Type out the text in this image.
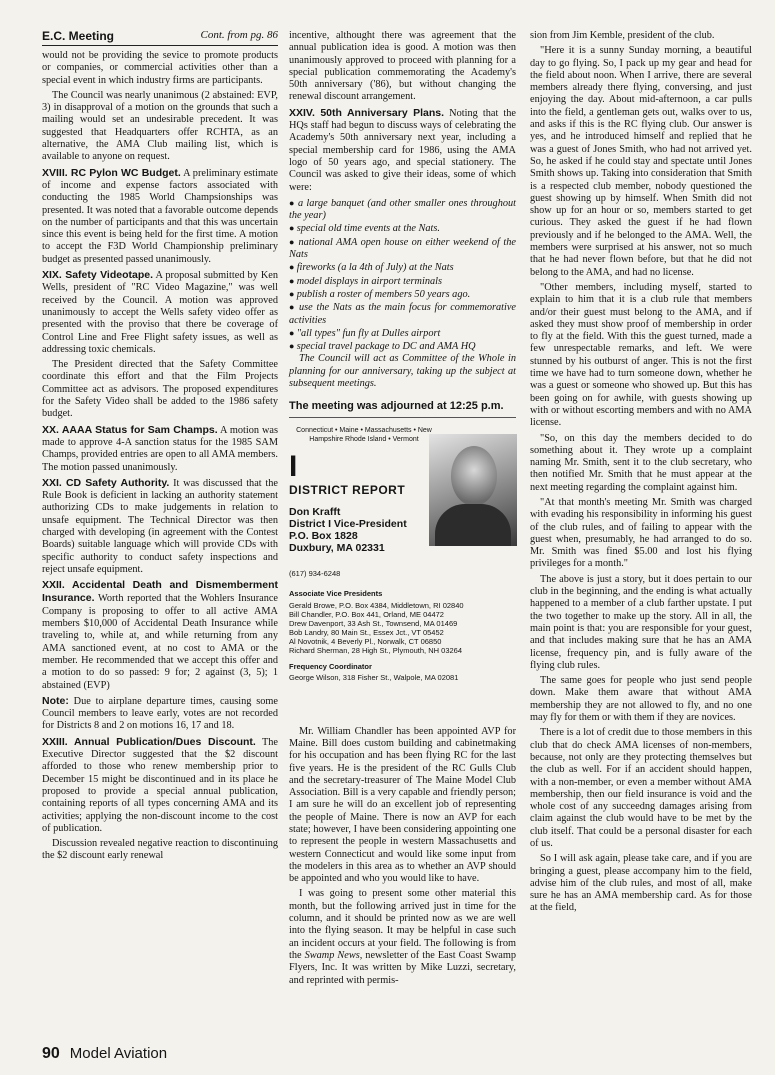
E.C. Meeting	Cont. from pg. 86

would not be providing the sevice to promote products or companies, or commercial activities other than a special event in which industry firms are participants.

The Council was nearly unanimous (2 abstained: EVP, 3) in disapproval of a motion on the grounds that such a mailing would set an undesirable precedent. It was suggested that Headquarters offer RCHTA, as an alternative, the AMA Club mailing list, which is available to anyone on request.

XVIII. RC Pylon WC Budget. A preliminary estimate of income and expense factors associated with conducting the 1985 World Champsionships was presented. It was noted that a favorable outcome depends on the number of participants and that this was uncertain since this event is being held for the first time. A motion to accept the F3D World Championship preliminary budget as presented passed unanimously.

XIX. Safety Videotape. A proposal submitted by Ken Wells, president of "RC Video Magazine," was well received by the Council. A motion was approved unanimously to accept the Wells safety video offer as presented with the proviso that there be coverage of Control Line and Free Flight safety issues, as well as addressing toxic chemicals.

The President directed that the Safety Committee coordinate this effort and that the Film Projects Committee act as advisors. The proposed expenditures for the Safety Video shall be added to the 1986 safety budget.

XX. AAAA Status for Sam Champs. A motion was made to approve 4-A sanction status for the 1985 SAM Champs, provided entries are open to all AMA members. The motion passed unanimously.

XXI. CD Safety Authority. It was discussed that the Rule Book is deficient in lacking an authority statement authorizing CDs to make judgements in relation to unsafe equipment. The Technical Director was then charged with developing (in agreement with the Contest Boards) suitable language which will provide CDs with specific authority to conduct safety inspections and reject unsafe equipment.

XXII. Accidental Death and Dismemberment Insurance. Worth reported that the Wohlers Insurance Company is proposing to offer to all active AMA members $10,000 of Accidental Death Insurance while traveling to, while at, and while returning from any AMA sanctioned event, at no cost to AMA or the member. He recommended that we accept this offer and a motion to do so passed: 9 for; 2 against (3, 5); 1 abstained (EVP)

Note: Due to airplane departure times, causing some Council members to leave early, votes are not recorded for Districts 8 and 2 on motions 16, 17 and 18.

XXIII. Annual Publication/Dues Discount. The Executive Director suggested that the $2 discount afforded to those who renew membership prior to December 15 might be discontinued and in its place he proposed to provide a special annual publication, containing reports of all types concerning AMA and its activities; applying the non-discount income to the cost of publication.

Discussion revealed negative reaction to discontinuing the $2 discount early renewal

incentive, althought there was agreement that the annual publication idea is good. A motion was then unanimously approved to proceed with planning for a special publication commemorating the Academy's 50th anniversary ('86), but without changing the renewal discount arrangement.

XXIV. 50th Anniversary Plans. Noting that the HQs staff had begun to discuss ways of celebrating the Academy's 50th anniversary next year, including a special membership card for 1986, using the AMA logo of 50 years ago, and special stationery. The Council was asked to give their ideas, some of which were:

● a large banquet (and other smaller ones throughout the year)
● special old time events at the Nats.
● national AMA open house on either weekend of the Nats
● fireworks (a la 4th of July) at the Nats
● model displays in airport terminals
● publish a roster of members 50 years ago.
● use the Nats as the main focus for commemorative activities
● "all types" fun fly at Dulles airport
● special travel package to DC and AMA HQ

The Council will act as Committee of the Whole in planning for our anniversary, taking up the subject at subsequent meetings.

The meeting was adjourned at 12:25 p.m.
Connecticut • Maine • Massachusetts • New Hampshire Rhode Island • Vermont
I
DISTRICT REPORT
Don Krafft
District I Vice-President
P.O. Box 1828
Duxbury, MA 02331
(617) 934-6248
Associate Vice Presidents
Gerald Browe, P.O. Box 4384, Middletown, RI 02840
Bill Chandler, P.O. Box 441, Orland, ME 04472
Drew Davenport, 33 Ash St., Townsend, MA 01469
Bob Landry, 80 Main St., Essex Jct., VT 05452
Al Novotnik, 4 Beverly Pl., Norwalk, CT 06850
Richard Sherman, 28 High St., Plymouth, NH 03264
Frequency Coordinator
George Wilson, 318 Fisher St., Walpole, MA 02081

Mr. William Chandler has been appointed AVP for Maine. Bill does custom building and cabinetmaking for his occupation and has been flying RC for the last five years. He is the president of the RC Gulls Club and the secretary-treasurer of The Maine Model Club Association. Bill is a very capable and friendly person; I am sure he will do an excellent job of representing the people of Maine. There is now an AVP for each state; however, I have been considering appointing one to represent the people in western Massachusetts and western Connecticut and would like some input from the modelers in this area as to whether an AVP should be appointed and who you would like to have.

I was going to present some other material this month, but the following arrived just in time for the column, and it should be printed now as we are well into the flying season. It may be helpful in case such an incident occurs at your field. The following is from the Swamp News, newsletter of the East Coast Swamp Flyers, Inc. It was written by Mike Luzzi, secretary, and reprinted with permis-

sion from Jim Kemble, president of the club.

"Here it is a sunny Sunday morning, a beautiful day to go flying. So, I pack up my gear and head for the field about noon. When I arrive, there are several members already there flying, conversing, and just enjoying the day. About mid-afternoon, a car pulls into the field, a gentleman gets out, walks over to us, and asks if this is the RC flying club. Our answer is yes, and he introduced himself and replied that he was a guest of Jones Smith, who had not arrived yet. So, he asked if he could stay and spectate until Jones Smith shows up. Taking into consideration that Smith is a respected club member, nobody questioned the guest showing up by himself. When Smith did not show up for an hour or so, members started to get curious. They asked the guest if he had flown previously and if he belonged to the AMA. Well, the members were surprised at his answer, not so much that he had never flown before, but that he did not belong to the AMA, and had no license.

"Other members, including myself, started to explain to him that it is a club rule that members and/or their guest must belong to the AMA, and if asked they must show proof of membership in order to fly at the field. With this the guest turned, made a few unrespectable remarks, and left. We were stunned by his outburst of anger. This is not the first time we have had to turn someone down, whether he was a guest or someone who showed up. But this has been going on for awhile, with guests showing up with or without escorting members and with no AMA license.

"So, on this day the members decided to do something about it. They wrote up a complaint naming Mr. Smith, sent it to the club secretary, who then notified Mr. Smith that he must appear at the next meeting regarding the complaint against him.

"At that month's meeting Mr. Smith was charged with evading his responsibility in informing his guest of the club rules, and of failing to appear with the guest when, presumably, he had arranged to do so. Mr. Smith was fined $5.00 and lost his flying privileges for a month."

The above is just a story, but it does pertain to our club in the beginning, and the ending is what actually happened to a member of a club farther upstate. I put the two together to make up the story. All in all, the main point is that: you are responsible for your guest, and that includes making sure that he has an AMA license, frequency pin, and is fully aware of the flying club rules.

The same goes for people who just send people down. Make them aware that without AMA membership they are not allowed to fly, and no one may fly for them or with them if they are novices.

There is a lot of credit due to those members in this club that do check AMA licenses of non-members, because, not only are they protecting themselves but the club as well. For if an accident should happen, with a non-member, or even a member without AMA membership, then our field insurance is void and the whole cost of any succeedng damages arising from claim against the club would have to be met by the club itself. That could be a personal disaster for each of us.

So I will ask again, please take care, and if you are bringing a guest, please accompany him to the field, advise him of the club rules, and most of all, make sure he has an AMA membership card. As for those at the field,

90 Model Aviation
